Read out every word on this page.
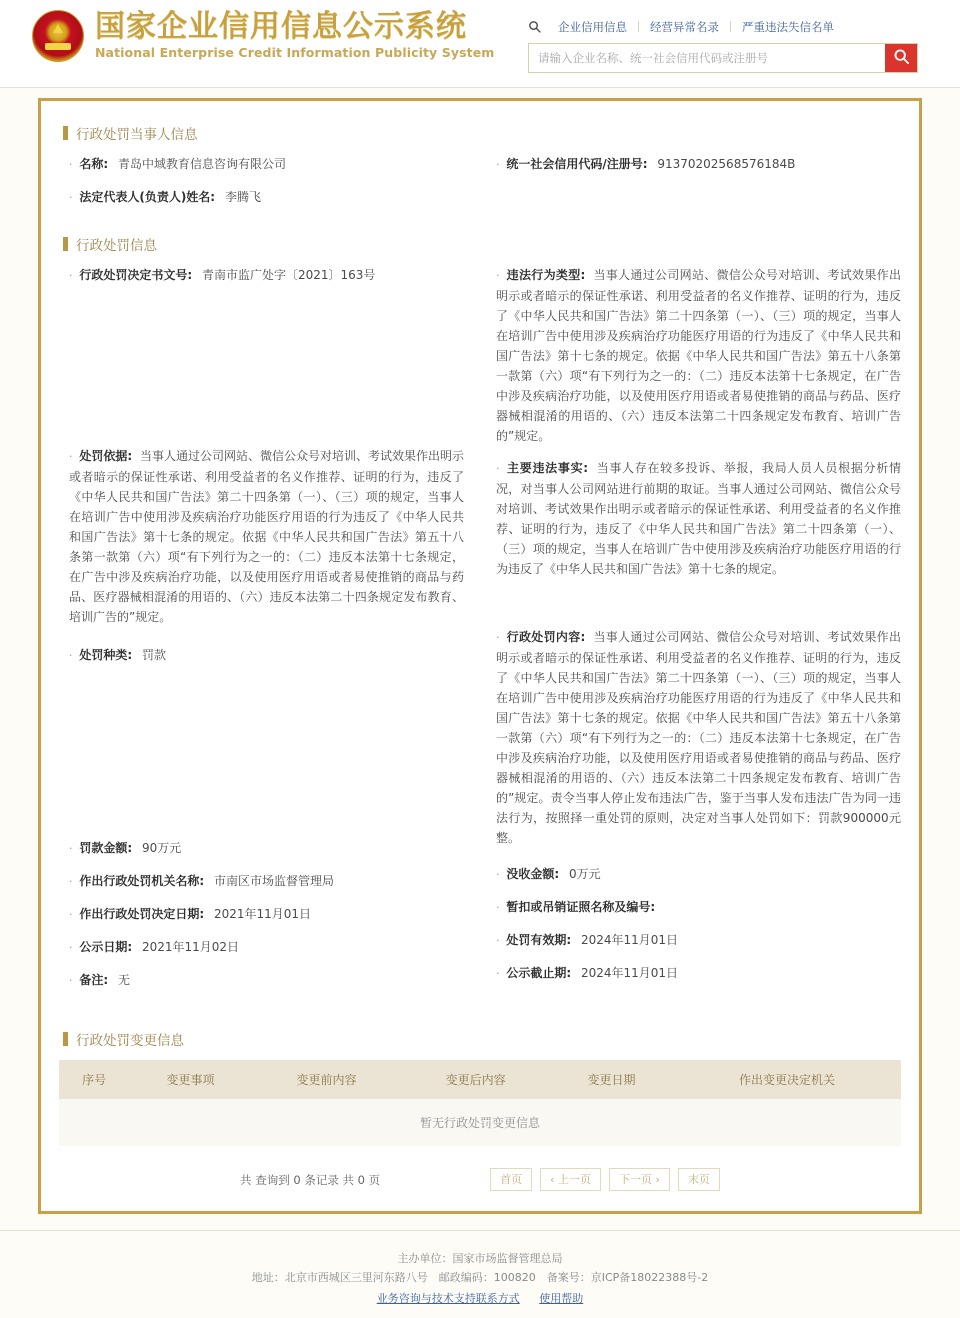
国家企业信用信息公示系统
National Enterprise Credit Information Publicity System
企业信用信息	经营异常名录	严重违法失信名单
请输入企业名称、统一社会信用代码或注册号
行政处罚当事人信息
· 名称: 青岛中域教育信息咨询有限公司
· 法定代表人(负责人)姓名: 李腾飞
· 统一社会信用代码/注册号: 91370202568576184B
行政处罚信息
· 行政处罚决定书文号: 青南市监广处字〔2021〕163号
· 处罚依据: 当事人通过公司网站、微信公众号对培训、考试效果作出明示或者暗示的保证性承诺、利用受益者的名义作推荐、证明的行为，违反了《中华人民共和国广告法》第二十四条第（一）、（三）项的规定，当事人在培训广告中使用涉及疾病治疗功能医疗用语的行为违反了《中华人民共和国广告法》第十七条的规定。依据《中华人民共和国广告法》第五十八条第一款第（六）项“有下列行为之一的：（二）违反本法第十七条规定，在广告中涉及疾病治疗功能，以及使用医疗用语或者易使推销的商品与药品、医疗器械相混淆的用语的、（六）违反本法第二十四条规定发布教育、培训广告的”规定。
· 处罚种类: 罚款
· 罚款金额: 90万元
· 作出行政处罚机关名称: 市南区市场监督管理局
· 作出行政处罚决定日期: 2021年11月01日
· 公示日期: 2021年11月02日
· 备注: 无
· 违法行为类型: 当事人通过公司网站、微信公众号对培训、考试效果作出明示或者暗示的保证性承诺、利用受益者的名义作推荐、证明的行为，违反了《中华人民共和国广告法》第二十四条第（一）、（三）项的规定，当事人在培训广告中使用涉及疾病治疗功能医疗用语的行为违反了《中华人民共和国广告法》第十七条的规定。依据《中华人民共和国广告法》第五十八条第一款第（六）项“有下列行为之一的：（二）违反本法第十七条规定，在广告中涉及疾病治疗功能，以及使用医疗用语或者易使推销的商品与药品、医疗器械相混淆的用语的、（六）违反本法第二十四条规定发布教育、培训广告的”规定。
· 主要违法事实: 当事人存在较多投诉、举报，我局人员人员根据分析情况，对当事人公司网站进行前期的取证。当事人通过公司网站、微信公众号对培训、考试效果作出明示或者暗示的保证性承诺、利用受益者的名义作推荐、证明的行为，违反了《中华人民共和国广告法》第二十四条第（一）、（三）项的规定，当事人在培训广告中使用涉及疾病治疗功能医疗用语的行为违反了《中华人民共和国广告法》第十七条的规定。
· 行政处罚内容: 当事人通过公司网站、微信公众号对培训、考试效果作出明示或者暗示的保证性承诺、利用受益者的名义作推荐、证明的行为，违反了《中华人民共和国广告法》第二十四条第（一）、（三）项的规定，当事人在培训广告中使用涉及疾病治疗功能医疗用语的行为违反了《中华人民共和国广告法》第十七条的规定。依据《中华人民共和国广告法》第五十八条第一款第（六）项“有下列行为之一的：（二）违反本法第十七条规定，在广告中涉及疾病治疗功能，以及使用医疗用语或者易使推销的商品与药品、医疗器械相混淆的用语的、（六）违反本法第二十四条规定发布教育、培训广告的”规定。责令当事人停止发布违法广告，鉴于当事人发布违法广告为同一违法行为，按照择一重处罚的原则，决定对当事人处罚如下：罚款900000元整。
· 没收金额: 0万元
· 暂扣或吊销证照名称及编号:
· 处罚有效期: 2024年11月01日
· 公示截止期: 2024年11月01日
行政处罚变更信息
序号	变更事项	变更前内容	变更后内容	变更日期	作出变更决定机关
暂无行政处罚变更信息
共 查询到 0 条记录 共 0 页	首页	‹ 上一页	下一页 ›	末页
主办单位：国家市场监督管理总局
地址：北京市西城区三里河东路八号　邮政编码：100820　备案号：京ICP备18022388号-2
业务咨询与技术支持联系方式 使用帮助
